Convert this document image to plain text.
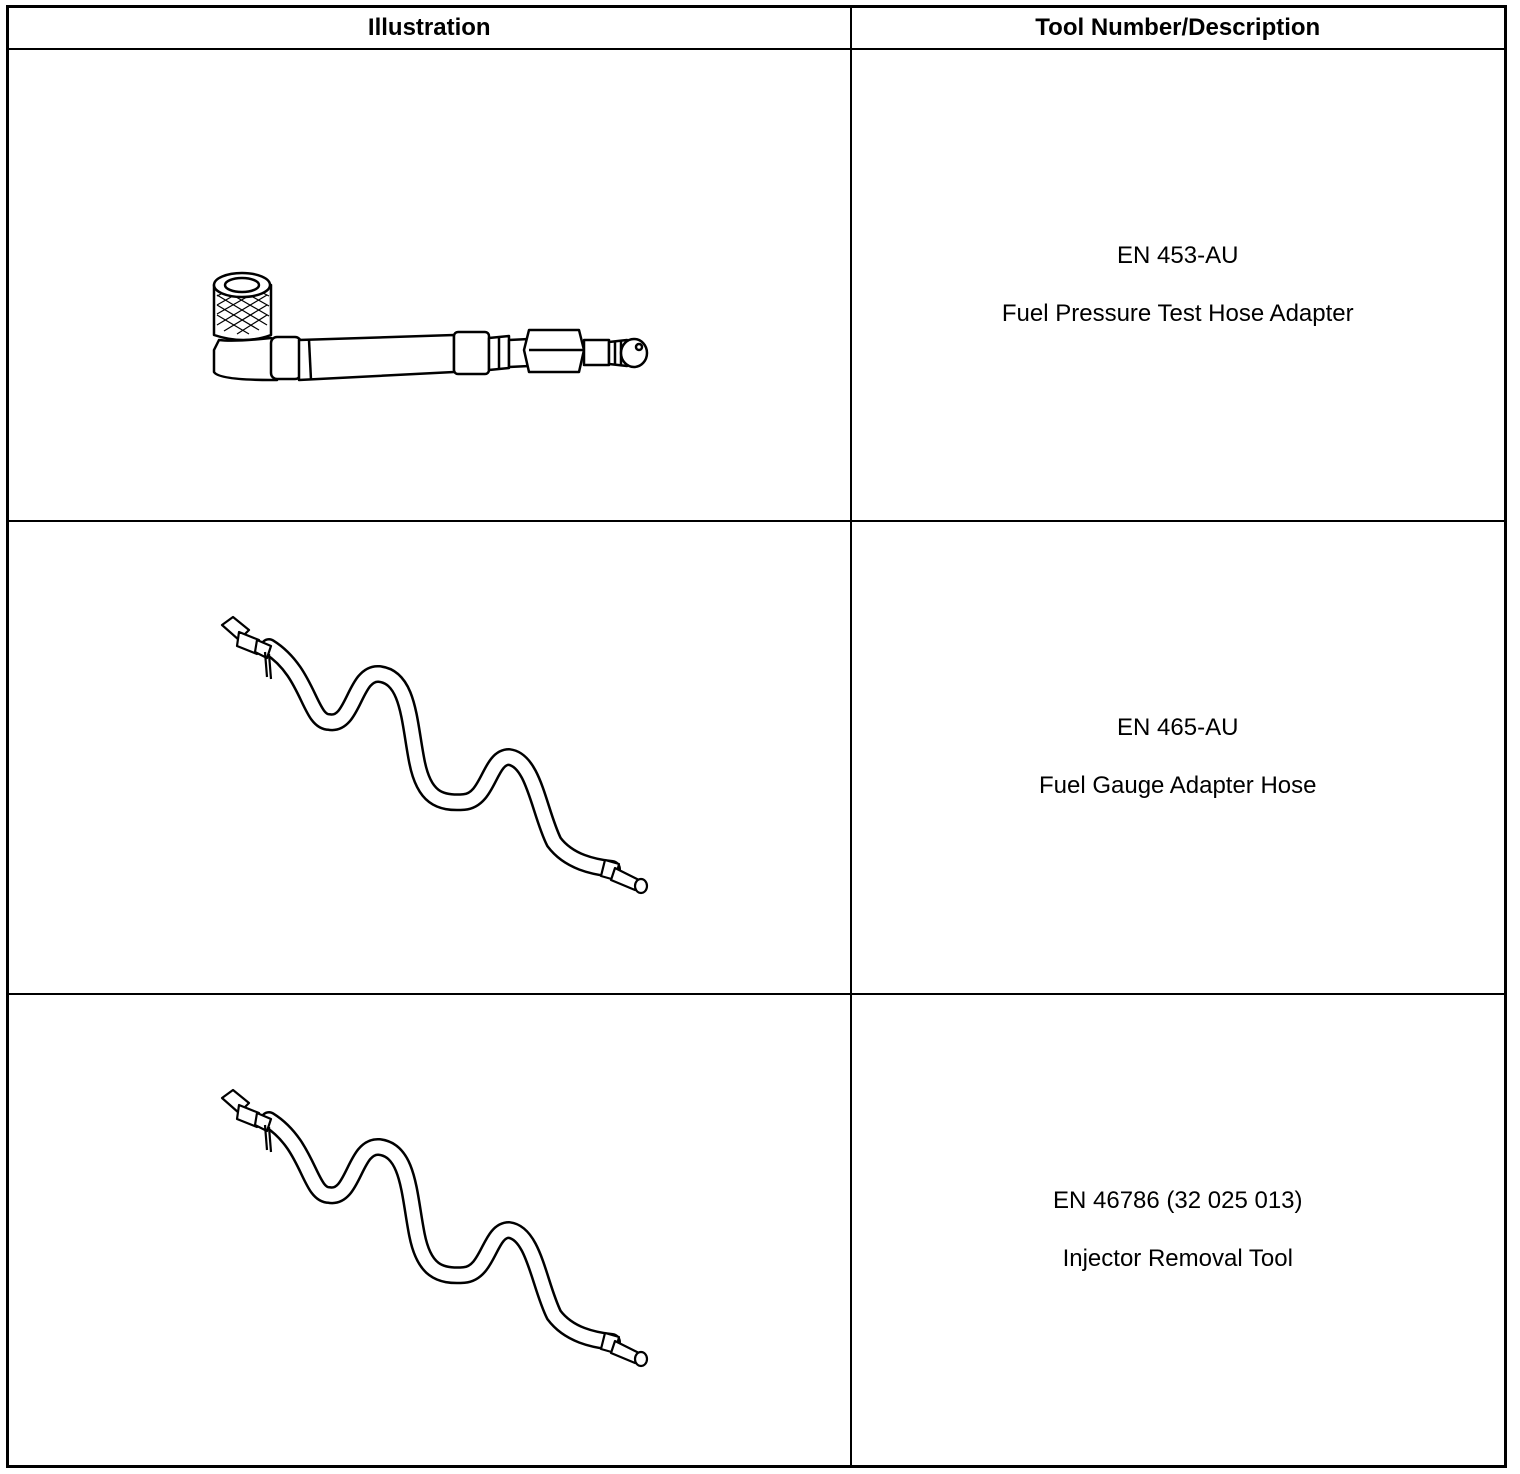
Illustration	Tool Number/Description

EN 453-AU
Fuel Pressure Test Hose Adapter

EN 465-AU
Fuel Gauge Adapter Hose

EN 46786 (32 025 013)
Injector Removal Tool
